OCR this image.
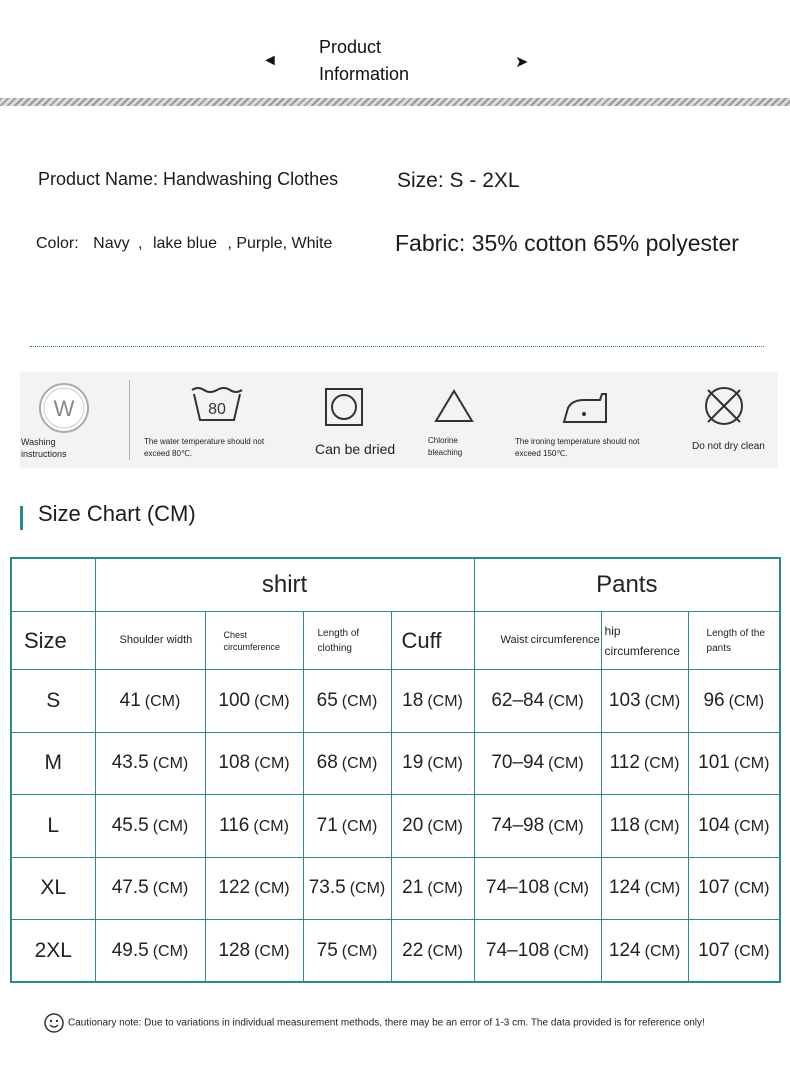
◄
Product
Information
➤
Product Name: Handwashing Clothes	Size: S - 2XL
Color: Navy , lake blue , Purple, White	Fabric: 35% cotton 65% polyester
W
Washing instructions
80
The water temperature should not exceed 80℃.	Can be dried
Chlorine bleaching
The ironing temperature should not exceed 150℃.
Do not dry clean
Size Chart (CM)
	shirt				Pants		
Size	Shoulder width	Chest circumference	Length of clothing	Cuff	Waist circumference	hip circumference	Length of the pants
S	41 (CM)	100 (CM)	65 (CM)	18 (CM)	62–84 (CM)	103 (CM)	96 (CM)
M	43.5 (CM)	108 (CM)	68 (CM)	19 (CM)	70–94 (CM)	112 (CM)	101 (CM)
L	45.5 (CM)	116 (CM)	71 (CM)	20 (CM)	74–98 (CM)	118 (CM)	104 (CM)
XL	47.5 (CM)	122 (CM)	73.5 (CM)	21 (CM)	74–108 (CM)	124 (CM)	107 (CM)
2XL	49.5 (CM)	128 (CM)	75 (CM)	22 (CM)	74–108 (CM)	124 (CM)	107 (CM)
Cautionary note: Due to variations in individual measurement methods, there may be an error of 1-3 cm. The data provided is for reference only!
